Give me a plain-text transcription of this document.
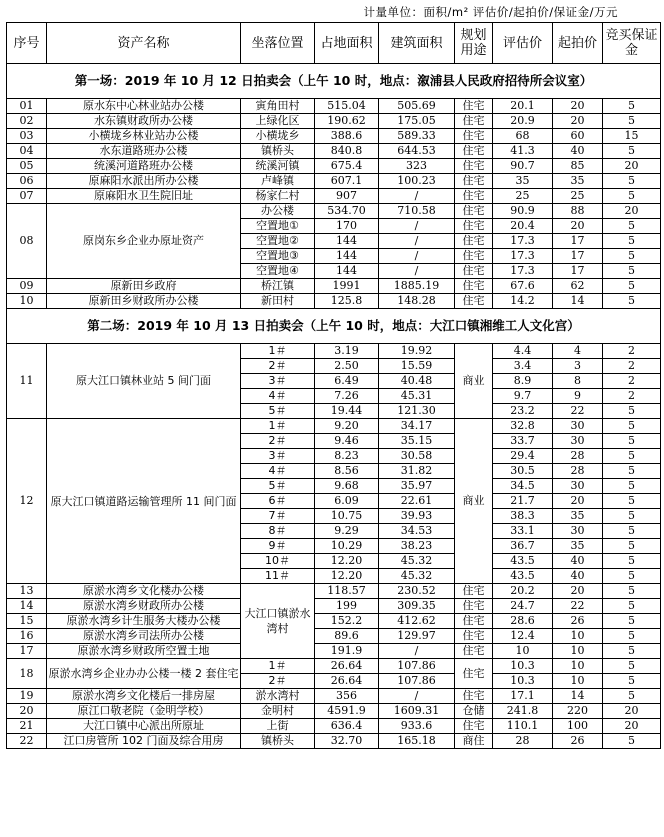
计量单位：面积/m² 评估价/起拍价/保证金/万元
序号	资产名称	坐落位置	占地面积	建筑面积	规划用途	评估价	起拍价	竞买保证金
第一场：2019 年 10 月 12 日拍卖会（上午 10 时，地点：溆浦县人民政府招待所会议室）								
01	原水东中心林业站办公楼	寅角田村	515.04	505.69	住宅	20.1	20	5
02	水东镇财政所办公楼	上绿化区	190.62	175.05	住宅	20.9	20	5
03	小横垅乡林业站办公楼	小横垅乡	388.6	589.33	住宅	68	60	15
04	水东道路班办公楼	镇桥头	840.8	644.53	住宅	41.3	40	5
05	统溪河道路班办公楼	统溪河镇	675.4	323	住宅	90.7	85	20
06	原麻阳水派出所办公楼	卢峰镇	607.1	100.23	住宅	35	35	5
07	原麻阳水卫生院旧址	杨家仁村	907	/	住宅	25	25	5
08	原岗东乡企业办原址资产	办公楼	534.70	710.58	住宅	90.9	88	20
		空置地①	170	/	住宅	20.4	20	5
		空置地②	144	/	住宅	17.3	17	5
		空置地③	144	/	住宅	17.3	17	5
		空置地④	144	/	住宅	17.3	17	5
09	原新田乡政府	桥江镇	1991	1885.19	住宅	67.6	62	5
10	原新田乡财政所办公楼	新田村	125.8	148.28	住宅	14.2	14	5
第二场：2019 年 10 月 13 日拍卖会（上午 10 时，地点：大江口镇湘维工人文化宫）								
11	原大江口镇林业站 5 间门面	1＃	3.19	19.92	商业	4.4	4	2
		2＃	2.50	15.59		3.4	3	2
		3＃	6.49	40.48		8.9	8	2
		4＃	7.26	45.31		9.7	9	2
		5＃	19.44	121.30		23.2	22	5
12	原大江口镇道路运输管理所 11 间门面	1＃	9.20	34.17	商业	32.8	30	5
		2＃	9.46	35.15		33.7	30	5
		3＃	8.23	30.58		29.4	28	5
		4＃	8.56	31.82		30.5	28	5
		5＃	9.68	35.97		34.5	30	5
		6＃	6.09	22.61		21.7	20	5
		7＃	10.75	39.93		38.3	35	5
		8＃	9.29	34.53		33.1	30	5
		9＃	10.29	38.23		36.7	35	5
		10＃	12.20	45.32		43.5	40	5
		11＃	12.20	45.32		43.5	40	5
13	原淤水湾乡文化楼办公楼	大江口镇淤水湾村	118.57	230.52	住宅	20.2	20	5
14	原淤水湾乡财政所办公楼		199	309.35	住宅	24.7	22	5
15	原淤水湾乡计生服务大楼办公楼		152.2	412.62	住宅	28.6	26	5
16	原淤水湾乡司法所办公楼		89.6	129.97	住宅	12.4	10	5
17	原淤水湾乡财政所空置土地		191.9	/	住宅	10	10	5
18	原淤水湾乡企业办办公楼一楼 2 套住宅	1＃	26.64	107.86	住宅	10.3	10	5
		2＃	26.64	107.86		10.3	10	5
19	原淤水湾乡文化楼后一排房屋	淤水湾村	356	/	住宅	17.1	14	5
20	原江口敬老院（金明学校）	金明村	4591.9	1609.31	仓储	241.8	220	20
21	大江口镇中心派出所原址	上街	636.4	933.6	住宅	110.1	100	20
22	江口房管所 102 门面及综合用房	镇桥头	32.70	165.18	商住	28	26	5
